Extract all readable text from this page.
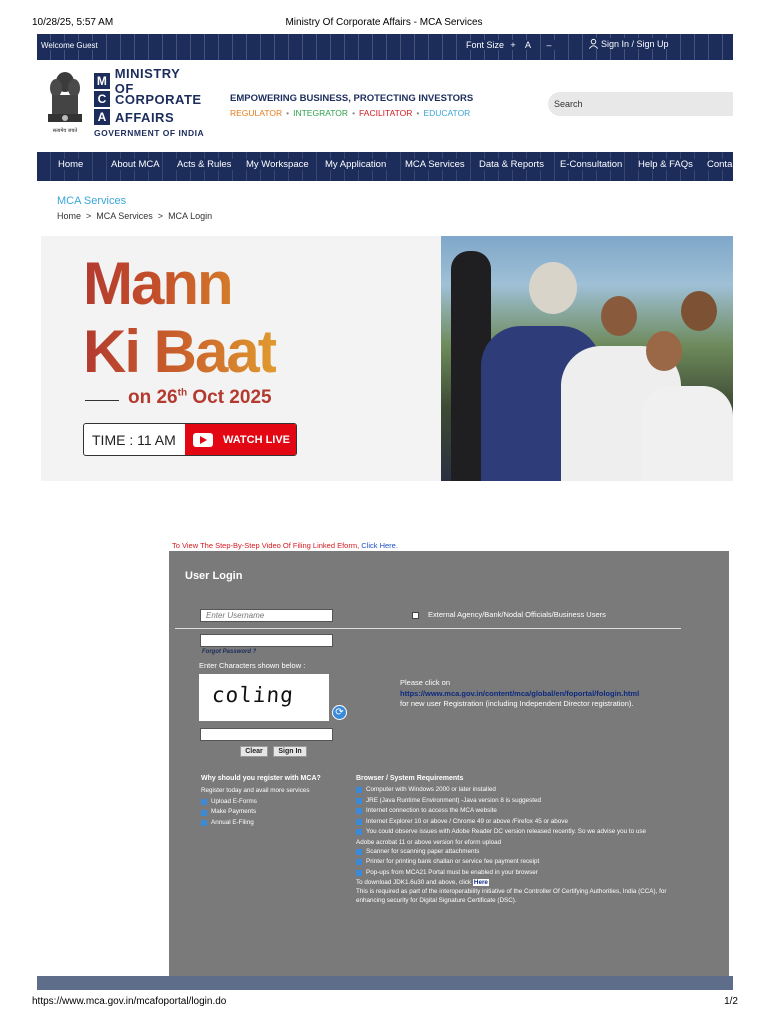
10/28/25, 5:57 AM	Ministry Of Corporate Affairs - MCA Services
Welcome Guest	Font Size +	A	–	Sign In / Sign Up
सत्यमेव जयते
M MINISTRY OF
C CORPORATE
A AFFAIRS
GOVERNMENT OF INDIA
EMPOWERING BUSINESS, PROTECTING INVESTORS
REGULATOR • INTEGRATOR • FACILITATOR • EDUCATOR
Search
Home	About MCA Acts & Rules My Workspace My Application MCA Services Data & Reports E-Consultation Help & FAQs Conta
MCA Services
Home > MCA Services > MCA Login
Mann
Ki Baat
on 26th Oct 2025
TIME : 11 AM	WATCH LIVE
To View The Step-By-Step Video Of Filing Linked Eform, Click Here.
User Login
Enter Username
External Agency/Bank/Nodal Officials/Business Users
Forgot Password ?
Enter Characters shown below :
coling
⟳
Clear	Sign In
Please click on
https://www.mca.gov.in/content/mca/global/en/foportal/fologin.html
for new user Registration (including Independent Director registration).
Why should you register with MCA?

Register today and avail more services

Upload E-Forms
Make Payments
Annual E-Filing
Browser / System Requirements
Computer with Windows 2000 or later installed
JRE (Java Runtime Environment) -Java version 8 is suggested
Internet connection to access the MCA website
Internet Explorer 10 or above / Chrome 49 or above /Firefox 45 or above
You could observe issues with Adobe Reader DC version released recently. So we advise you to use

Adobe acrobat 11 or above version for eform upload

Scanner for scanning paper attachments
Printer for printing bank challan or service fee payment receipt
Pop-ups from MCA21 Portal must be enabled in your browser

To download JDK1.6u30 and above, click Here

This is required as part of the interoperability initiative of the Controller Of Certifying Authorities, India (CCA), for enhancing security for Digital Signature Certificate (DSC).

https://www.mca.gov.in/mcafoportal/login.do	1/2
